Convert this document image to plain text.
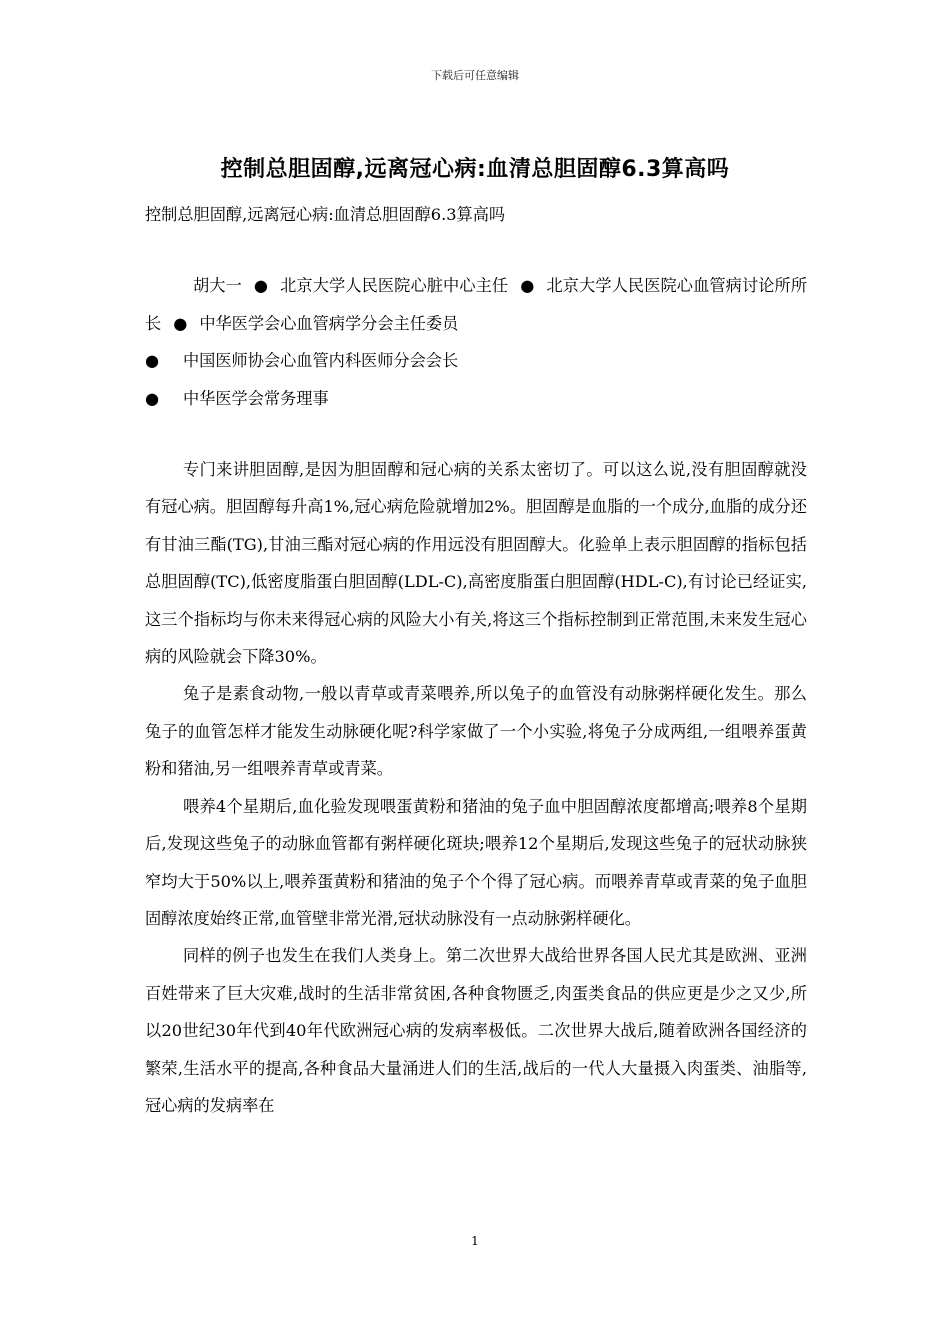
下载后可任意编辑
控制总胆固醇,远离冠心病:血清总胆固醇6.3算高吗

控制总胆固醇,远离冠心病:血清总胆固醇6.3算高吗

胡大一 ● 北京大学人民医院心脏中心主任 ● 北京大学人民医院心血管病讨论所所长 ● 中华医学会心血管病学分会主任委员

● 中国医师协会心血管内科医师分会会长

● 中华医学会常务理事

专门来讲胆固醇,是因为胆固醇和冠心病的关系太密切了。可以这么说,没有胆固醇就没有冠心病。胆固醇每升高1%,冠心病危险就增加2%。胆固醇是血脂的一个成分,血脂的成分还有甘油三酯(TG),甘油三酯对冠心病的作用远没有胆固醇大。化验单上表示胆固醇的指标包括总胆固醇(TC),低密度脂蛋白胆固醇(LDL-C),高密度脂蛋白胆固醇(HDL-C),有讨论已经证实,这三个指标均与你未来得冠心病的风险大小有关,将这三个指标控制到正常范围,未来发生冠心病的风险就会下降30%。

兔子是素食动物,一般以青草或青菜喂养,所以兔子的血管没有动脉粥样硬化发生。那么兔子的血管怎样才能发生动脉硬化呢?科学家做了一个小实验,将兔子分成两组,一组喂养蛋黄粉和猪油,另一组喂养青草或青菜。

喂养4个星期后,血化验发现喂蛋黄粉和猪油的兔子血中胆固醇浓度都增高;喂养8个星期后,发现这些兔子的动脉血管都有粥样硬化斑块;喂养12个星期后,发现这些兔子的冠状动脉狭窄均大于50%以上,喂养蛋黄粉和猪油的兔子个个得了冠心病。而喂养青草或青菜的兔子血胆固醇浓度始终正常,血管壁非常光滑,冠状动脉没有一点动脉粥样硬化。

同样的例子也发生在我们人类身上。第二次世界大战给世界各国人民尤其是欧洲、亚洲百姓带来了巨大灾难,战时的生活非常贫困,各种食物匮乏,肉蛋类食品的供应更是少之又少,所以20世纪30年代到40年代欧洲冠心病的发病率极低。二次世界大战后,随着欧洲各国经济的繁荣,生活水平的提高,各种食品大量涌进人们的生活,战后的一代人大量摄入肉蛋类、油脂等,冠心病的发病率在

1
